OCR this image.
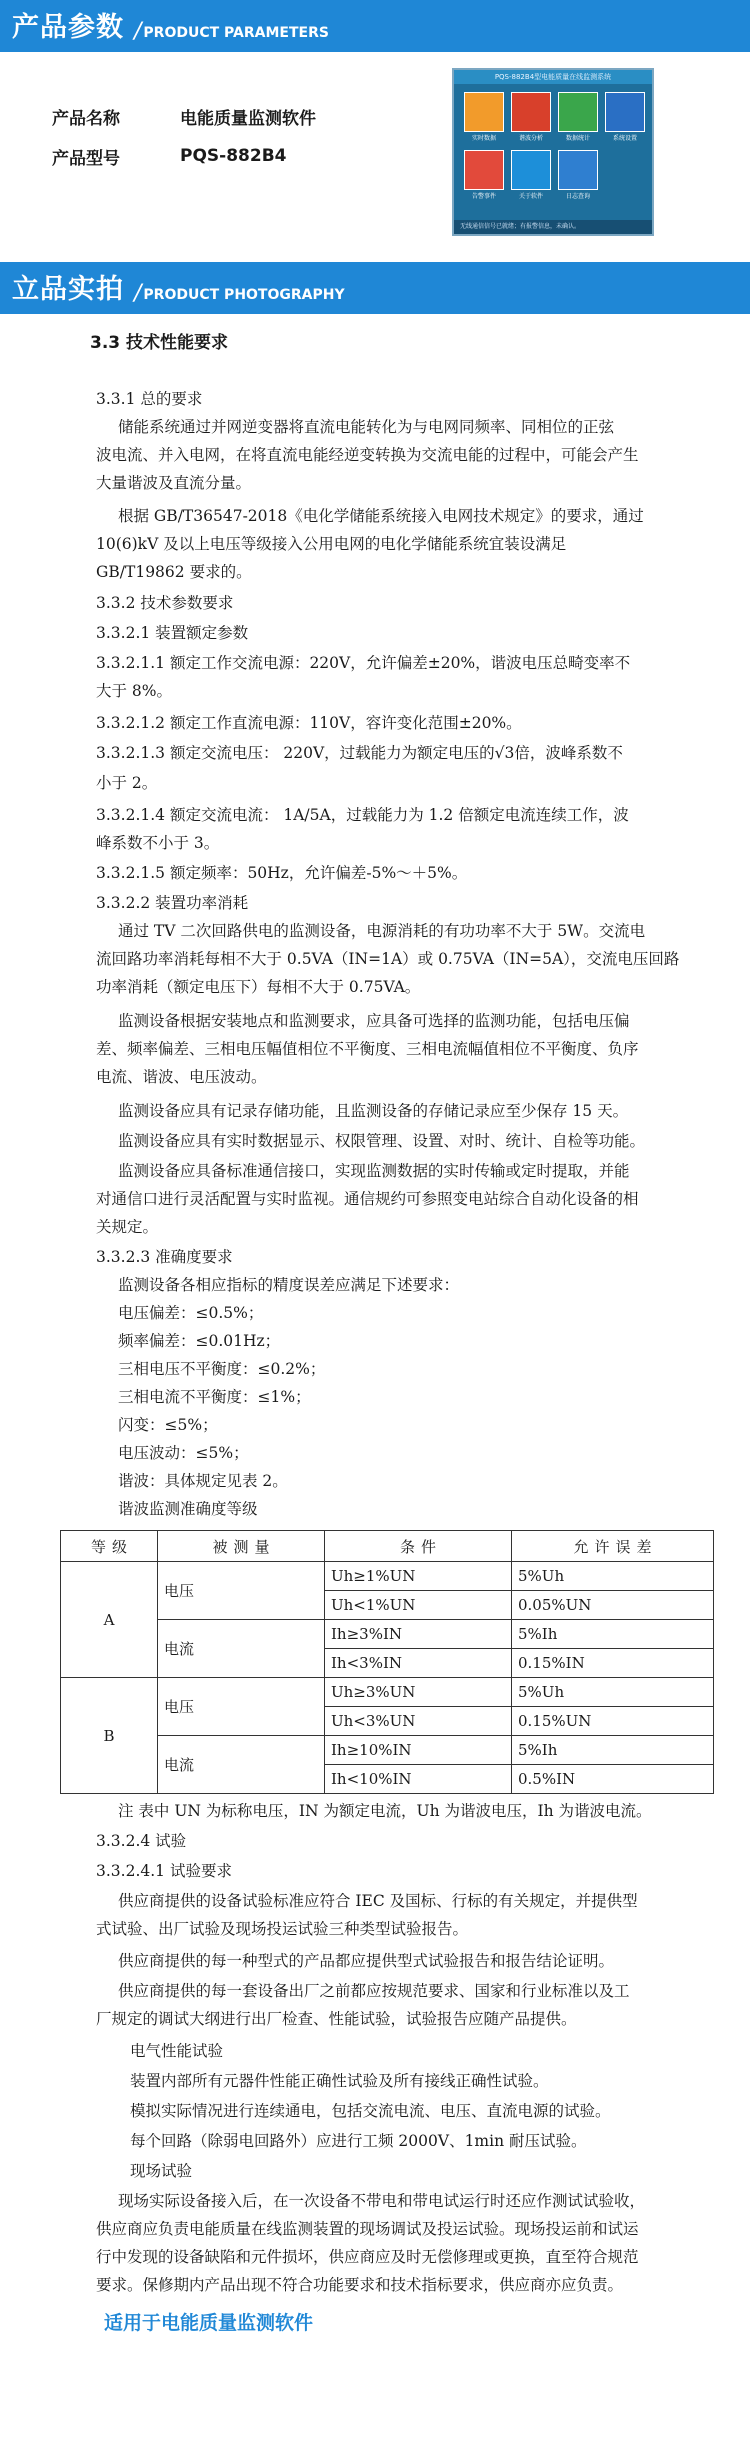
产品参数 / PRODUCT PARAMETERS
产品名称	电能质量监测软件
产品型号	PQS-882B4
PQS-882B4型电能质量在线监测系统
实时数据	谐波分析	数据统计	系统设置
告警事件	关于软件	日志查询
无线通信信号已就绪；有报警信息，未确认。
立品实拍 / PRODUCT PHOTOGRAPHY
3.3 技术性能要求
3.3.1 总的要求
储能系统通过并网逆变器将直流电能转化为与电网同频率、同相位的正弦
波电流、并入电网，在将直流电能经逆变转换为交流电能的过程中，可能会产生
大量谐波及直流分量。
根据 GB/T36547-2018《电化学储能系统接入电网技术规定》的要求，通过
10(6)kV 及以上电压等级接入公用电网的电化学储能系统宜装设满足
GB/T19862 要求的。
3.3.2 技术参数要求
3.3.2.1 装置额定参数
3.3.2.1.1 额定工作交流电源：220V，允许偏差±20%，谐波电压总畸变率不
大于 8%。
3.3.2.1.2 额定工作直流电源：110V，容许变化范围±20%。
3.3.2.1.3 额定交流电压： 220V，过载能力为额定电压的√3倍，波峰系数不
小于 2。
3.3.2.1.4 额定交流电流： 1A/5A，过载能力为 1.2 倍额定电流连续工作，波
峰系数不小于 3。
3.3.2.1.5 额定频率：50Hz，允许偏差-5%～＋5%。
3.3.2.2 装置功率消耗
通过 TV 二次回路供电的监测设备，电源消耗的有功功率不大于 5W。交流电
流回路功率消耗每相不大于 0.5VA（IN=1A）或 0.75VA（IN=5A），交流电压回路
功率消耗（额定电压下）每相不大于 0.75VA。
监测设备根据安装地点和监测要求，应具备可选择的监测功能，包括电压偏
差、频率偏差、三相电压幅值相位不平衡度、三相电流幅值相位不平衡度、负序
电流、谐波、电压波动。
监测设备应具有记录存储功能，且监测设备的存储记录应至少保存 15 天。
监测设备应具有实时数据显示、权限管理、设置、对时、统计、自检等功能。
监测设备应具备标准通信接口，实现监测数据的实时传输或定时提取，并能
对通信口进行灵活配置与实时监视。通信规约可参照变电站综合自动化设备的相
关规定。
3.3.2.3 准确度要求
监测设备各相应指标的精度误差应满足下述要求：
电压偏差：≤0.5%；
频率偏差：≤0.01Hz；
三相电压不平衡度：≤0.2%；
三相电流不平衡度：≤1%；
闪变：≤5%；
电压波动：≤5%；
谐波：具体规定见表 2。
谐波监测准确度等级
等级	被测量	条件	允许误差
A	电压	Uh≥1%UN	5%Uh
		Uh<1%UN	0.05%UN
	电流	Ih≥3%IN	5%Ih
		Ih<3%IN	0.15%IN
B	电压	Uh≥3%UN	5%Uh
		Uh<3%UN	0.15%UN
	电流	Ih≥10%IN	5%Ih
		Ih<10%IN	0.5%IN
注 表中 UN 为标称电压，IN 为额定电流，Uh 为谐波电压，Ih 为谐波电流。
3.3.2.4 试验
3.3.2.4.1 试验要求
供应商提供的设备试验标准应符合 IEC 及国标、行标的有关规定，并提供型
式试验、出厂试验及现场投运试验三种类型试验报告。
供应商提供的每一种型式的产品都应提供型式试验报告和报告结论证明。
供应商提供的每一套设备出厂之前都应按规范要求、国家和行业标准以及工
厂规定的调试大纲进行出厂检查、性能试验，试验报告应随产品提供。
电气性能试验
装置内部所有元器件性能正确性试验及所有接线正确性试验。
模拟实际情况进行连续通电，包括交流电流、电压、直流电源的试验。
每个回路（除弱电回路外）应进行工频 2000V、1min 耐压试验。
现场试验
现场实际设备接入后，在一次设备不带电和带电试运行时还应作测试试验收，
供应商应负责电能质量在线监测装置的现场调试及投运试验。现场投运前和试运
行中发现的设备缺陷和元件损坏，供应商应及时无偿修理或更换，直至符合规范
要求。保修期内产品出现不符合功能要求和技术指标要求，供应商亦应负责。
适用于电能质量监测软件
